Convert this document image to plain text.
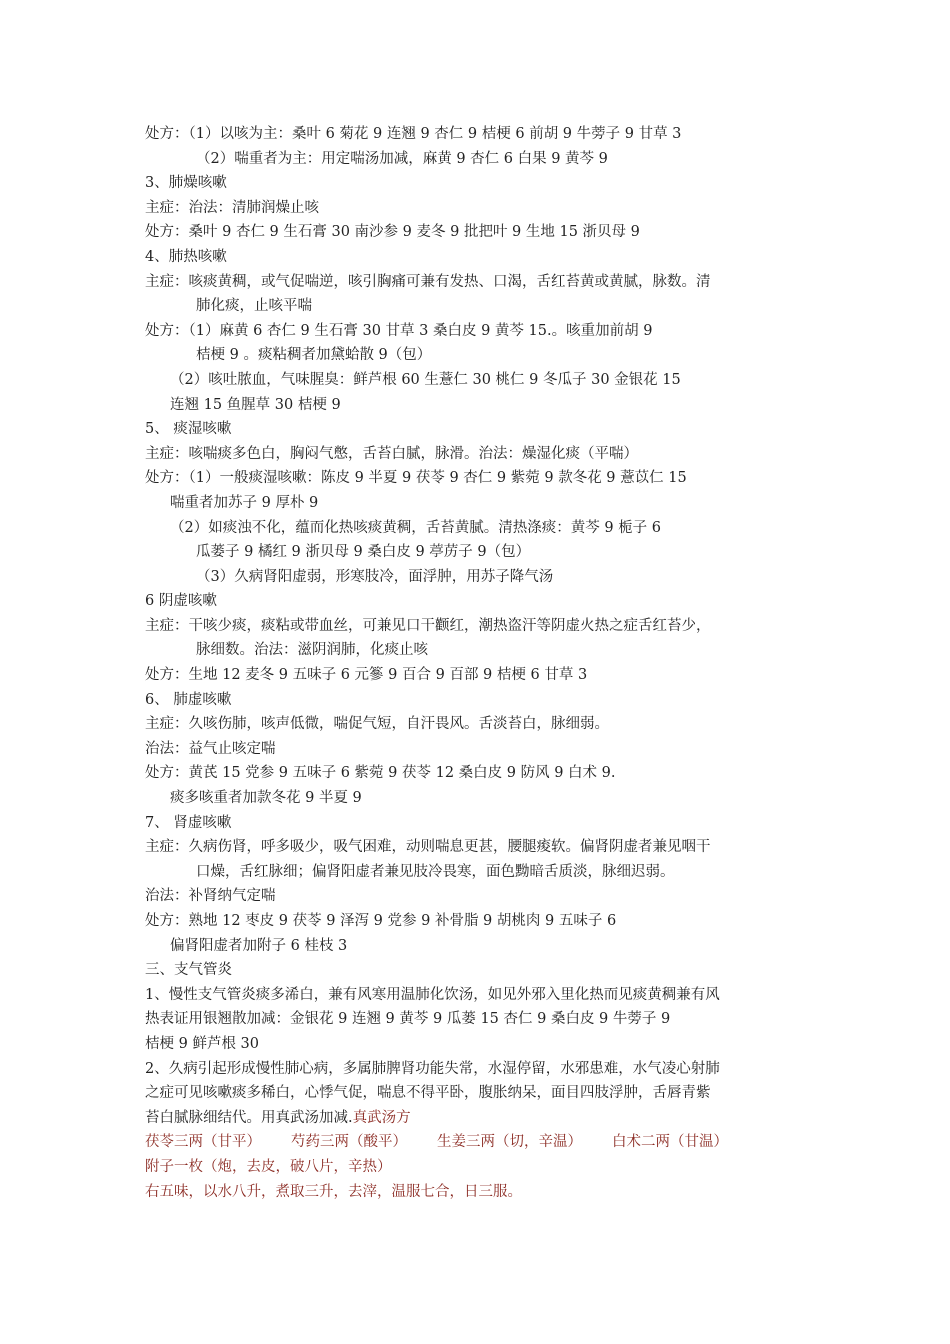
处方：（1）以咳为主：桑叶 6 菊花 9 连翘 9 杏仁 9 桔梗 6 前胡 9 牛蒡子 9 甘草 3
（2）喘重者为主：用定喘汤加减，麻黄 9 杏仁 6 白果 9 黄芩 9
3、肺燥咳嗽
主症：治法：清肺润燥止咳
处方：桑叶 9 杏仁 9 生石膏 30 南沙参 9 麦冬 9 批把叶 9 生地 15 浙贝母 9
4、肺热咳嗽
主症：咳痰黄稠，或气促喘逆，咳引胸痛可兼有发热、口渴，舌红苔黄或黄腻，脉数。清
肺化痰，止咳平喘
处方：（1）麻黄 6 杏仁 9 生石膏 30 甘草 3 桑白皮 9 黄芩 15.。咳重加前胡 9
桔梗 9 。痰粘稠者加黛蛤散 9（包）
（2）咳吐脓血，气味腥臭：鲜芦根 60 生薏仁 30 桃仁 9 冬瓜子 30 金银花 15
连翘 15 鱼腥草 30 桔梗 9
5、 痰湿咳嗽
主症：咳喘痰多色白，胸闷气憋，舌苔白腻，脉滑。治法：燥湿化痰（平喘）
处方：（1）一般痰湿咳嗽：陈皮 9 半夏 9 茯苓 9 杏仁 9 紫菀 9 款冬花 9 薏苡仁 15
喘重者加苏子 9 厚朴 9
（2）如痰浊不化，蕴而化热咳痰黄稠，舌苔黄腻。清热涤痰：黄芩 9 栀子 6
瓜蒌子 9 橘红 9 浙贝母 9 桑白皮 9 葶苈子 9（包）
（3）久病肾阳虚弱，形寒肢冷，面浮肿，用苏子降气汤
6 阴虚咳嗽
主症：干咳少痰，痰粘或带血丝，可兼见口干颧红，潮热盗汗等阴虚火热之症舌红苔少，
脉细数。治法：滋阴润肺，化痰止咳
处方：生地 12 麦冬 9 五味子 6 元篸 9 百合 9 百部 9 桔梗 6 甘草 3
6、 肺虚咳嗽
主症：久咳伤肺，咳声低微，喘促气短，自汗畏风。舌淡苔白，脉细弱。
治法：益气止咳定喘
处方：黄芪 15 党参 9 五味子 6 紫菀 9 茯苓 12 桑白皮 9 防风 9 白术 9.
痰多咳重者加款冬花 9 半夏 9
7、 肾虚咳嗽
主症：久病伤肾，呼多吸少，吸气困难，动则喘息更甚，腰腿痠软。偏肾阴虚者兼见咽干
口燥，舌红脉细；偏肾阳虚者兼见肢冷畏寒，面色黝暗舌质淡，脉细迟弱。
治法：补肾纳气定喘
处方：熟地 12 枣皮 9 茯苓 9 泽泻 9 党参 9 补骨脂 9 胡桃肉 9 五味子 6
偏肾阳虚者加附子 6 桂枝 3
三、支气管炎
1、慢性支气管炎痰多浠白，兼有风寒用温肺化饮汤，如见外邪入里化热而见痰黄稠兼有风
热表证用银翘散加减：金银花 9 连翘 9 黄芩 9 瓜蒌 15 杏仁 9 桑白皮 9 牛蒡子 9
桔梗 9 鲜芦根 30
2、久病引起形成慢性肺心病，多属肺脾肾功能失常，水湿停留，水邪患难，水气凌心射肺
之症可见咳嗽痰多稀白，心悸气促，喘息不得平卧，腹胀纳呆，面目四肢浮肿，舌唇青紫
苔白腻脉细结代。用真武汤加减.真武汤方
茯苓三两（甘平） 芍药三两（酸平） 生姜三两（切，辛温） 白术二两（甘温）
附子一枚（炮，去皮，破八片，辛热）
右五味，以水八升，煮取三升，去滓，温服七合，日三服。
